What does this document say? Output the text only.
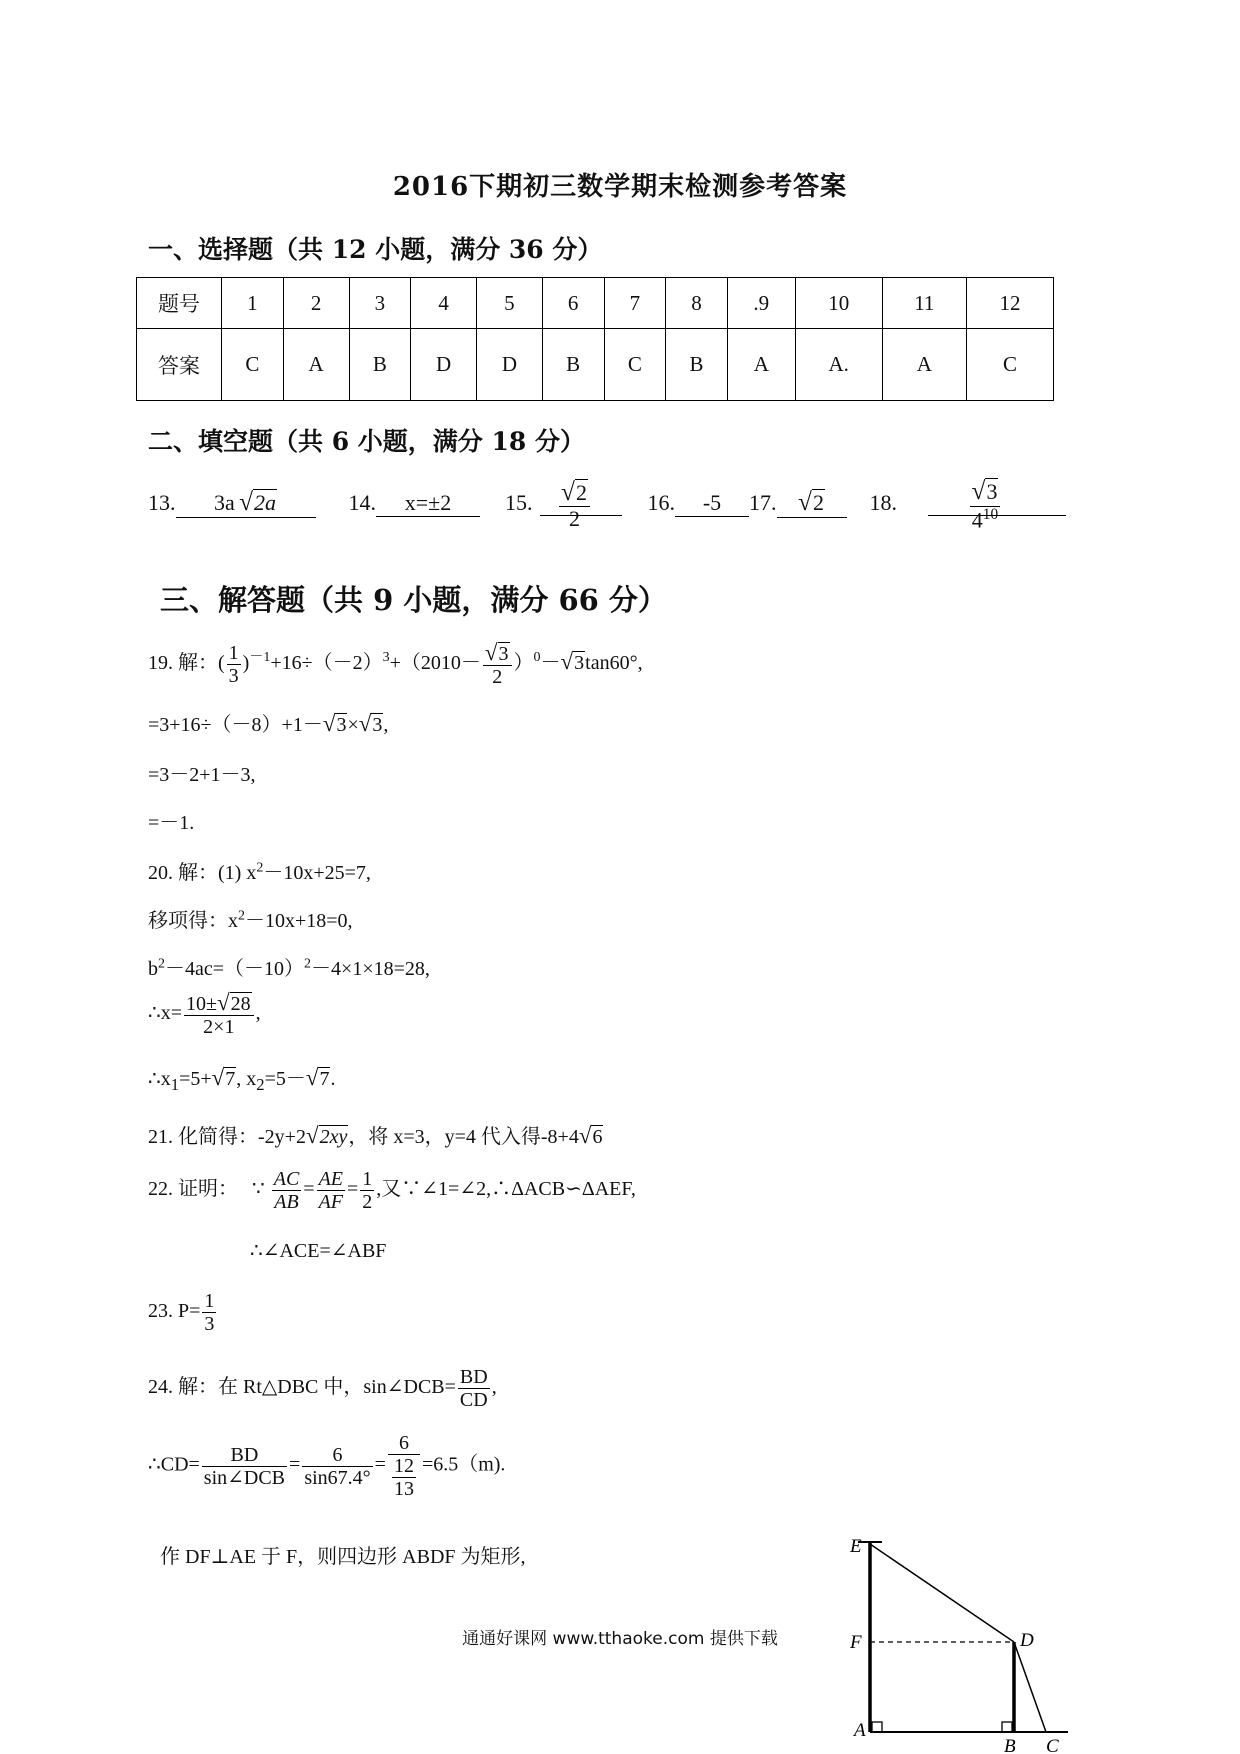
2016下期初三数学期末检测参考答案
一、选择题（共 12 小题，满分 36 分）
题号	1	2	3	4	5	6	7	8	.9	10	11	12
答案	C	A	B	D	D	B	C	B	A	A.	A	C
二、填空题（共 6 小题，满分 18 分）
13. 3a  √2a	14. x=±2 15. $\frac{√2}{2}$	16. -5 17. √2 18.	$\frac{√3}{4^{10}}$
三、解答题（共 9 小题，满分 66 分）
19. 解：( $\frac{1}{3} )^{-1}+16\div(-2)^3+(2010- \frac{√3}{2} )^0-√3\tan 60^\circ$,
=3+16÷（－8）+1－√3×√3,
=3－2+1－3,
=－1.
20. 解：(1) $x^2-10x+25=7$,
移项得：$x^2-10x+18=0$,
$b^2-4ac=(-10)^2-4\times 1\times 18=28$,
∴x= $\frac{10\pm√28}{2\times 1}$ ,
$\therefore x_1=5+√7$, $x_2=5-√7$.
21. 化简得：-2y+2√2xy，将 x=3，y=4 代入得-8+4√6
22. 证明： ∵ $\frac{AC}{AB} = \frac{AE}{AF} = \frac{1}{2}$ ,又∵∠1=∠2,∴ΔACB∽ΔAEF,
∴∠ACE=∠ABF
23. $P= \frac{1}{3}$
24. 解：在 Rt△DBC 中，sin∠DCB= $\frac{BD}{CD}$ ,
∴CD= $\frac{BD}{\text{sin∠DCB}} = \frac{6}{\sin 67.4^\circ} = \frac{6}{\frac{12}{13}} =6.5(m)$.
作 DF⊥AE 于 F，则四边形 ABDF 为矩形,	E
F	D
A
B C
通通好课网 www.tthaoke.com 提供下载
